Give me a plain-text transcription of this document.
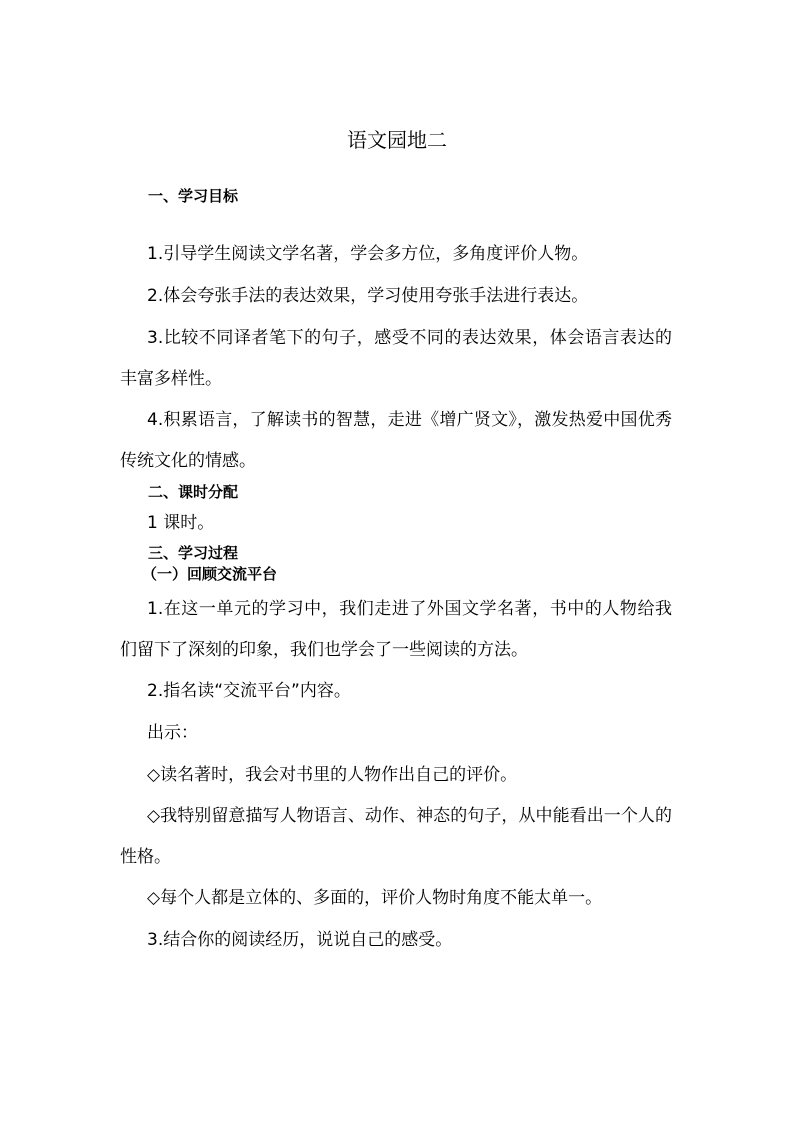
语文园地二
一、学习目标

1.引导学生阅读文学名著，学会多方位，多角度评价人物。

2.体会夸张手法的表达效果，学习使用夸张手法进行表达。

3.比较不同译者笔下的句子，感受不同的表达效果，体会语言表达的丰富多样性。

4.积累语言，了解读书的智慧，走进《增广贤文》，激发热爱中国优秀传统文化的情感。

二、课时分配
1 课时。
三、学习过程
（一）回顾交流平台

1.在这一单元的学习中，我们走进了外国文学名著，书中的人物给我们留下了深刻的印象，我们也学会了一些阅读的方法。

2.指名读“交流平台”内容。

出示：

◇读名著时，我会对书里的人物作出自己的评价。

◇我特别留意描写人物语言、动作、神态的句子，从中能看出一个人的性格。

◇每个人都是立体的、多面的，评价人物时角度不能太单一。

3.结合你的阅读经历，说说自己的感受。
